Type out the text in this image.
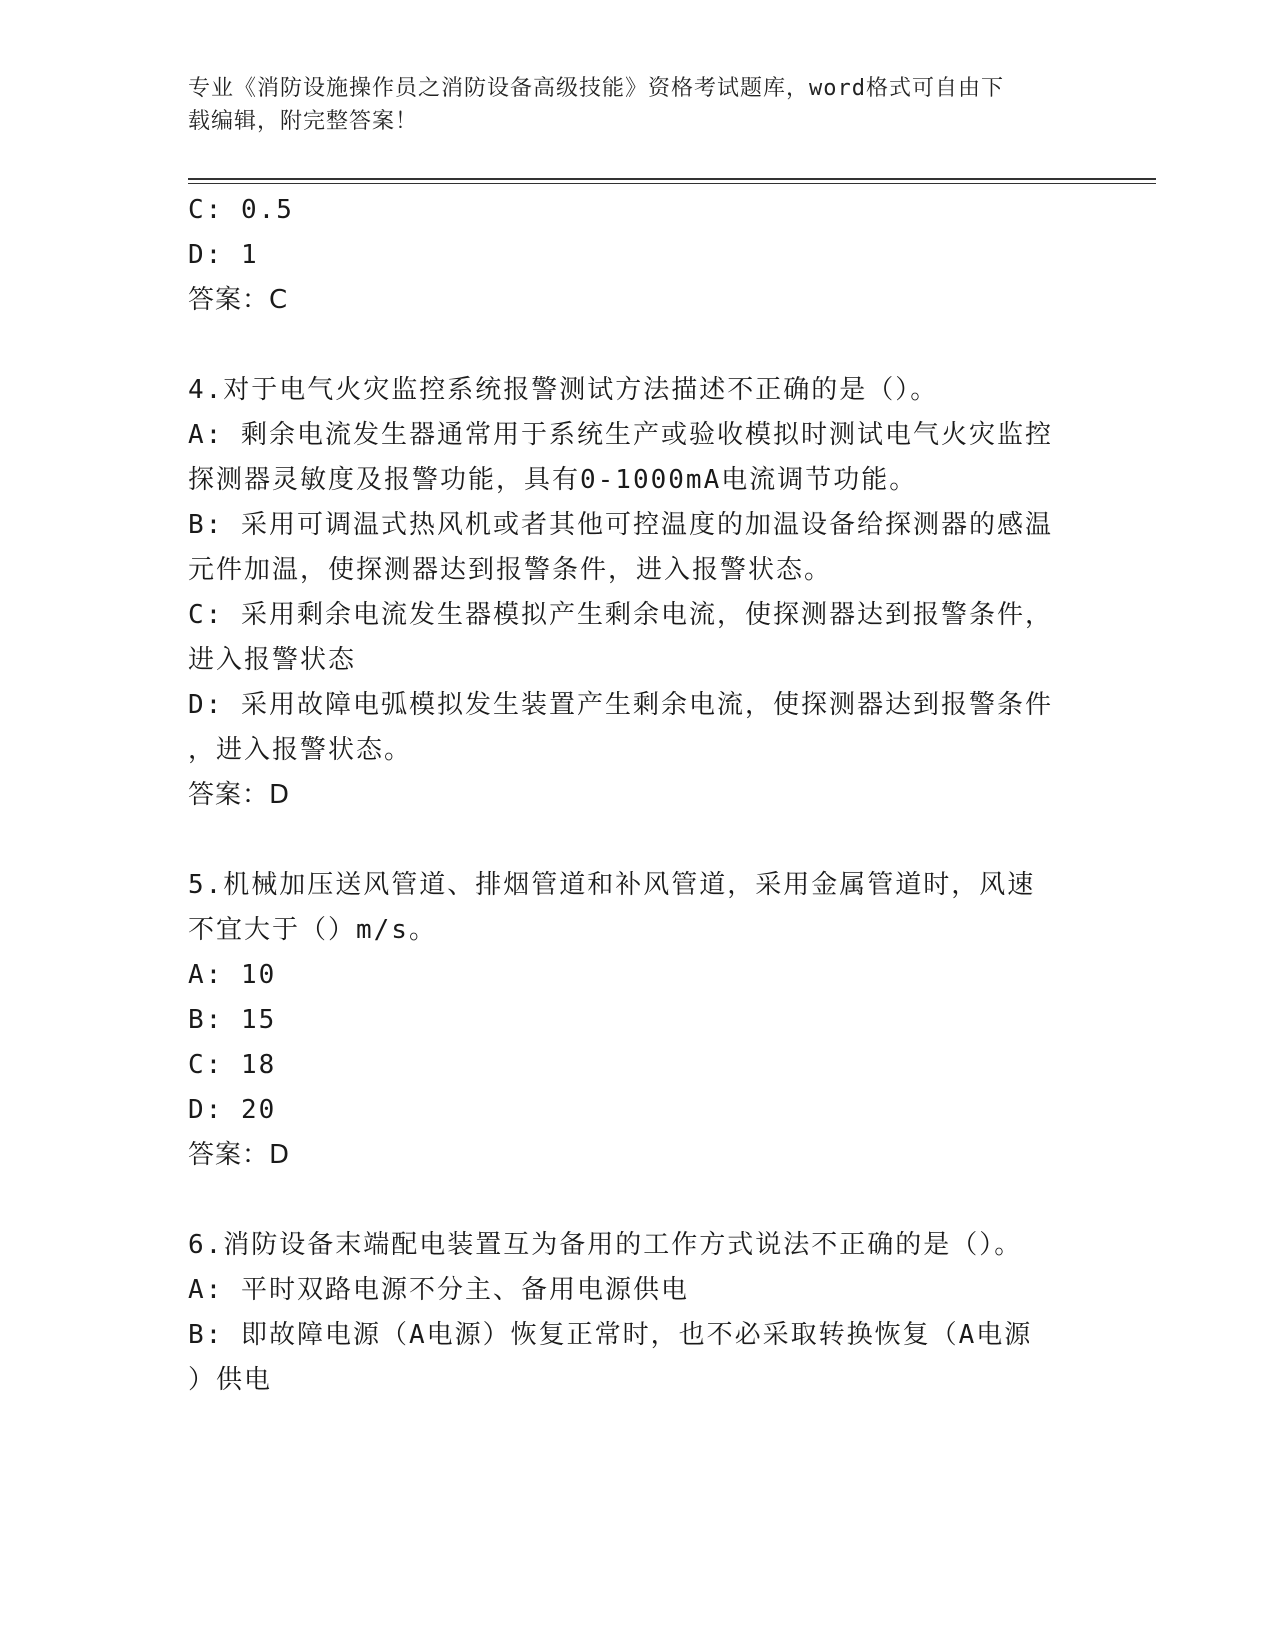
专业《消防设施操作员之消防设备高级技能》资格考试题库，word格式可自由下
载编辑，附完整答案！
C: 0.5
D: 1
答案：C
4.对于电气火灾监控系统报警测试方法描述不正确的是（）。
A: 剩余电流发生器通常用于系统生产或验收模拟时测试电气火灾监控
探测器灵敏度及报警功能，具有0-1000mA电流调节功能。
B: 采用可调温式热风机或者其他可控温度的加温设备给探测器的感温
元件加温，使探测器达到报警条件，进入报警状态。
C: 采用剩余电流发生器模拟产生剩余电流，使探测器达到报警条件，
进入报警状态
D: 采用故障电弧模拟发生装置产生剩余电流，使探测器达到报警条件
，进入报警状态。
答案：D
5.机械加压送风管道、排烟管道和补风管道，采用金属管道时，风速
不宜大于（）m/s。
A: 10
B: 15
C: 18
D: 20
答案：D
6.消防设备末端配电装置互为备用的工作方式说法不正确的是（）。
A: 平时双路电源不分主、备用电源供电
B: 即故障电源（A电源）恢复正常时，也不必采取转换恢复（A电源
）供电
